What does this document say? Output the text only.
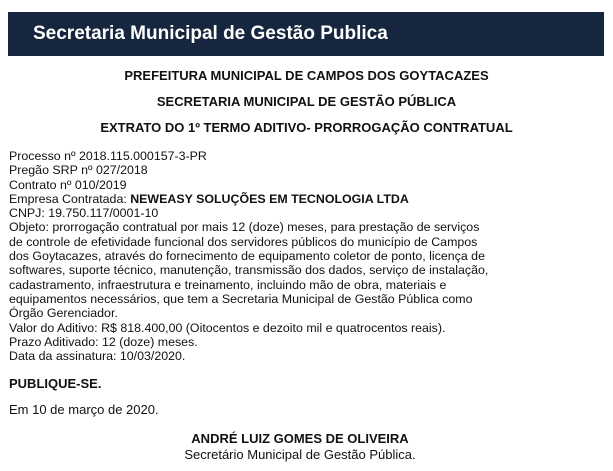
Secretaria Municipal de Gestão Publica
PREFEITURA MUNICIPAL DE CAMPOS DOS GOYTACAZES
SECRETARIA MUNICIPAL DE GESTÃO PÚBLICA
EXTRATO DO 1º TERMO ADITIVO- PRORROGAÇÃO CONTRATUAL
Processo nº 2018.115.000157-3-PR
Pregão SRP nº 027/2018
Contrato nº 010/2019
Empresa Contratada: NEWEASY SOLUÇÕES EM TECNOLOGIA LTDA
CNPJ: 19.750.117/0001-10
Objeto: prorrogação contratual por mais 12 (doze) meses, para prestação de serviços
de controle de efetividade funcional dos servidores públicos do município de Campos
dos Goytacazes, através do fornecimento de equipamento coletor de ponto, licença de
softwares, suporte técnico, manutenção, transmissão dos dados, serviço de instalação,
cadastramento, infraestrutura e treinamento, incluindo mão de obra, materiais e
equipamentos necessários, que tem a Secretaria Municipal de Gestão Pública como
Órgão Gerenciador.
Valor do Aditivo: R$ 818.400,00 (Oitocentos e dezoito mil e quatrocentos reais).
Prazo Aditivado: 12 (doze) meses.
Data da assinatura: 10/03/2020.
PUBLIQUE-SE.
Em 10 de março de 2020.
ANDRÉ LUIZ GOMES DE OLIVEIRA
Secretário Municipal de Gestão Pública.
